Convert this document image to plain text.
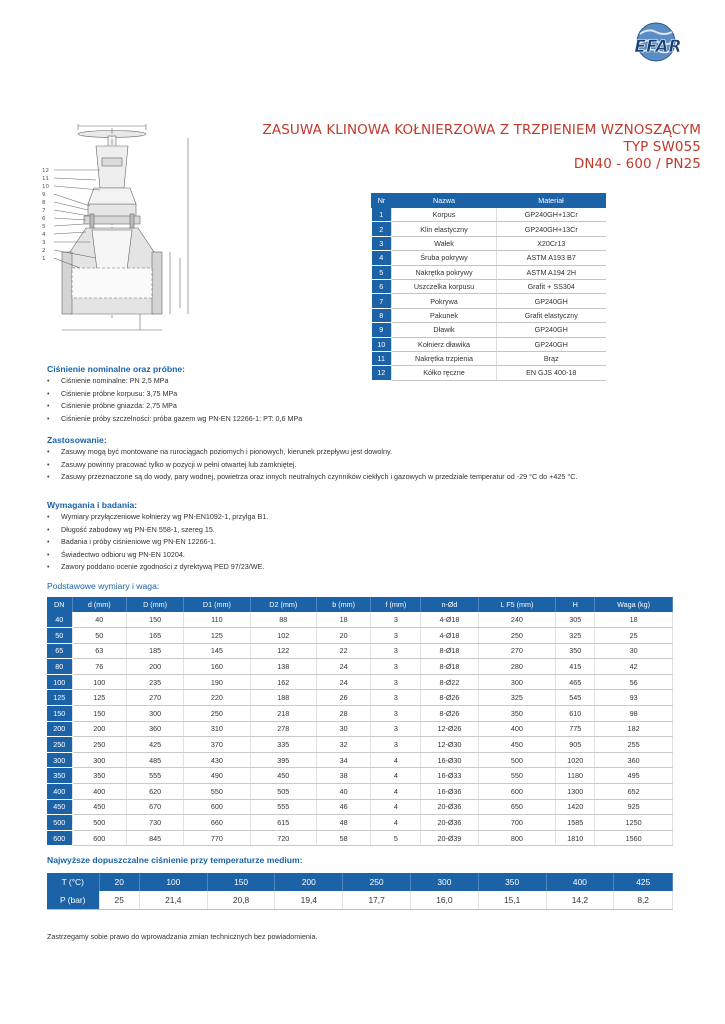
EFAR
ZASUWA KLINOWA KOŁNIERZOWA Z TRZPIENIEM WZNOSZĄCYM
TYP SW055
DN40 - 600 / PN25
12
11
10
9
8
7
6
5
4
3
2
1
Nr	Nazwa	Materiał
1	Korpus	GP240GH+13Cr
2	Klin elastyczny	GP240GH+13Cr
3	Wałek	X20Cr13
4	Śruba pokrywy	ASTM A193 B7
5	Nakrętka pokrywy	ASTM A194 2H
6	Uszczelka korpusu	Grafit + SS304
7	Pokrywa	GP240GH
8	Pakunek	Grafit elastyczny
9	Dławik	GP240GH
10	Kołnierz dławika	GP240GH
11	Nakrętka trzpienia	Brąz
12	Kółko ręczne	EN GJS 400-18
Ciśnienie nominalne oraz próbne:
• Ciśnienie nominalne: PN 2,5 MPa
• Ciśnienie próbne korpusu: 3,75 MPa
• Ciśnienie próbne gniazda: 2,75 MPa
• Ciśnienie próby szczelności: próba gazem wg PN-EN 12266-1: PT: 0,6 MPa
Zastosowanie:
• Zasuwy mogą być montowane na rurociągach poziomych i pionowych, kierunek przepływu jest dowolny.
• Zasuwy powinny pracować tylko w pozycji w pełni otwartej lub zamkniętej.
• Zasuwy przeznaczone są do wody, pary wodnej, powietrza oraz innych neutralnych czynników ciekłych i gazowych w przedziale temperatur od -29 °C do +425 °C.
Wymagania i badania:
• Wymiary przyłączeniowe kołnierzy wg PN-EN1092-1, przylga B1.
• Długość zabudowy wg PN-EN 558-1, szereg 15.
• Badania i próby ciśnieniowe wg PN-EN 12266-1.
• Świadectwo odbioru wg PN-EN 10204.
• Zawory poddano ocenie zgodności z dyrektywą PED 97/23/WE.
Podstawowe wymiary i waga:
DN	d (mm)	D (mm)	D1 (mm)	D2 (mm)	b (mm)	f (mm)	n-Ød	L F5 (mm)	H	Waga (kg)
40	40	150	110	88	18	3	4-Ø18	240	305	18
50	50	165	125	102	20	3	4-Ø18	250	325	25
65	63	185	145	122	22	3	8-Ø18	270	350	30
80	76	200	160	138	24	3	8-Ø18	280	415	42
100	100	235	190	162	24	3	8-Ø22	300	465	56
125	125	270	220	188	26	3	8-Ø26	325	545	93
150	150	300	250	218	28	3	8-Ø26	350	610	98
200	200	360	310	278	30	3	12-Ø26	400	775	182
250	250	425	370	335	32	3	12-Ø30	450	905	255
300	300	485	430	395	34	4	16-Ø30	500	1020	360
350	350	555	490	450	38	4	16-Ø33	550	1180	495
400	400	620	550	505	40	4	16-Ø36	600	1300	652
450	450	670	600	555	46	4	20-Ø36	650	1420	925
500	500	730	660	615	48	4	20-Ø36	700	1585	1250
600	600	845	770	720	58	5	20-Ø39	800	1810	1560
Najwyższe dopuszczalne ciśnienie przy temperaturze medium:
T (°C)	20	100	150	200	250	300	350	400	425
P (bar)	25	21,4	20,8	19,4	17,7	16,0	15,1	14,2	8,2
Zastrzegamy sobie prawo do wprowadzania zmian technicznych bez powiadomienia.
